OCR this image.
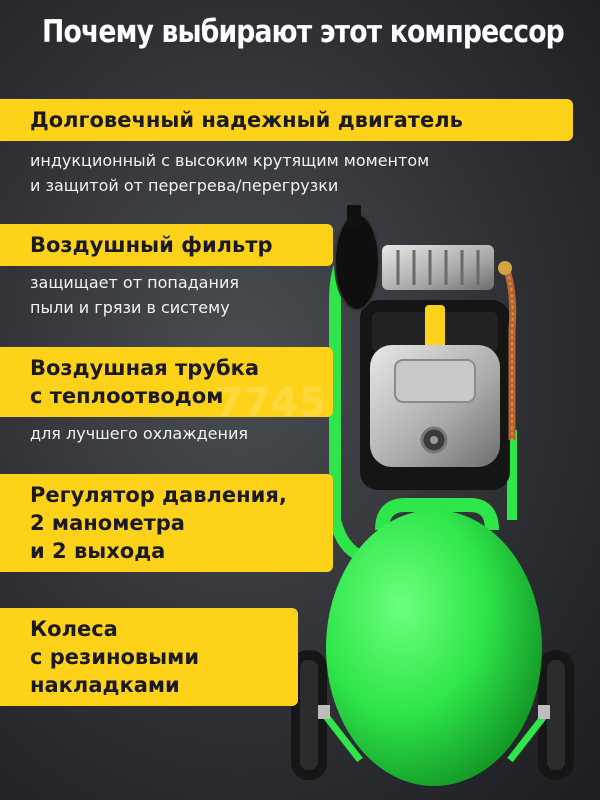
Почему выбирают этот компрессор
Долговечный надежный двигатель
индукционный с высоким крутящим моментом
и защитой от перегрева/перегрузки
Воздушный фильтр
защищает от попадания
пыли и грязи в систему
Воздушная трубка
с теплоотводом
для лучшего охлаждения
Регулятор давления,
2 манометра
и 2 выхода
Колеса
с резиновыми
накладками
7745
